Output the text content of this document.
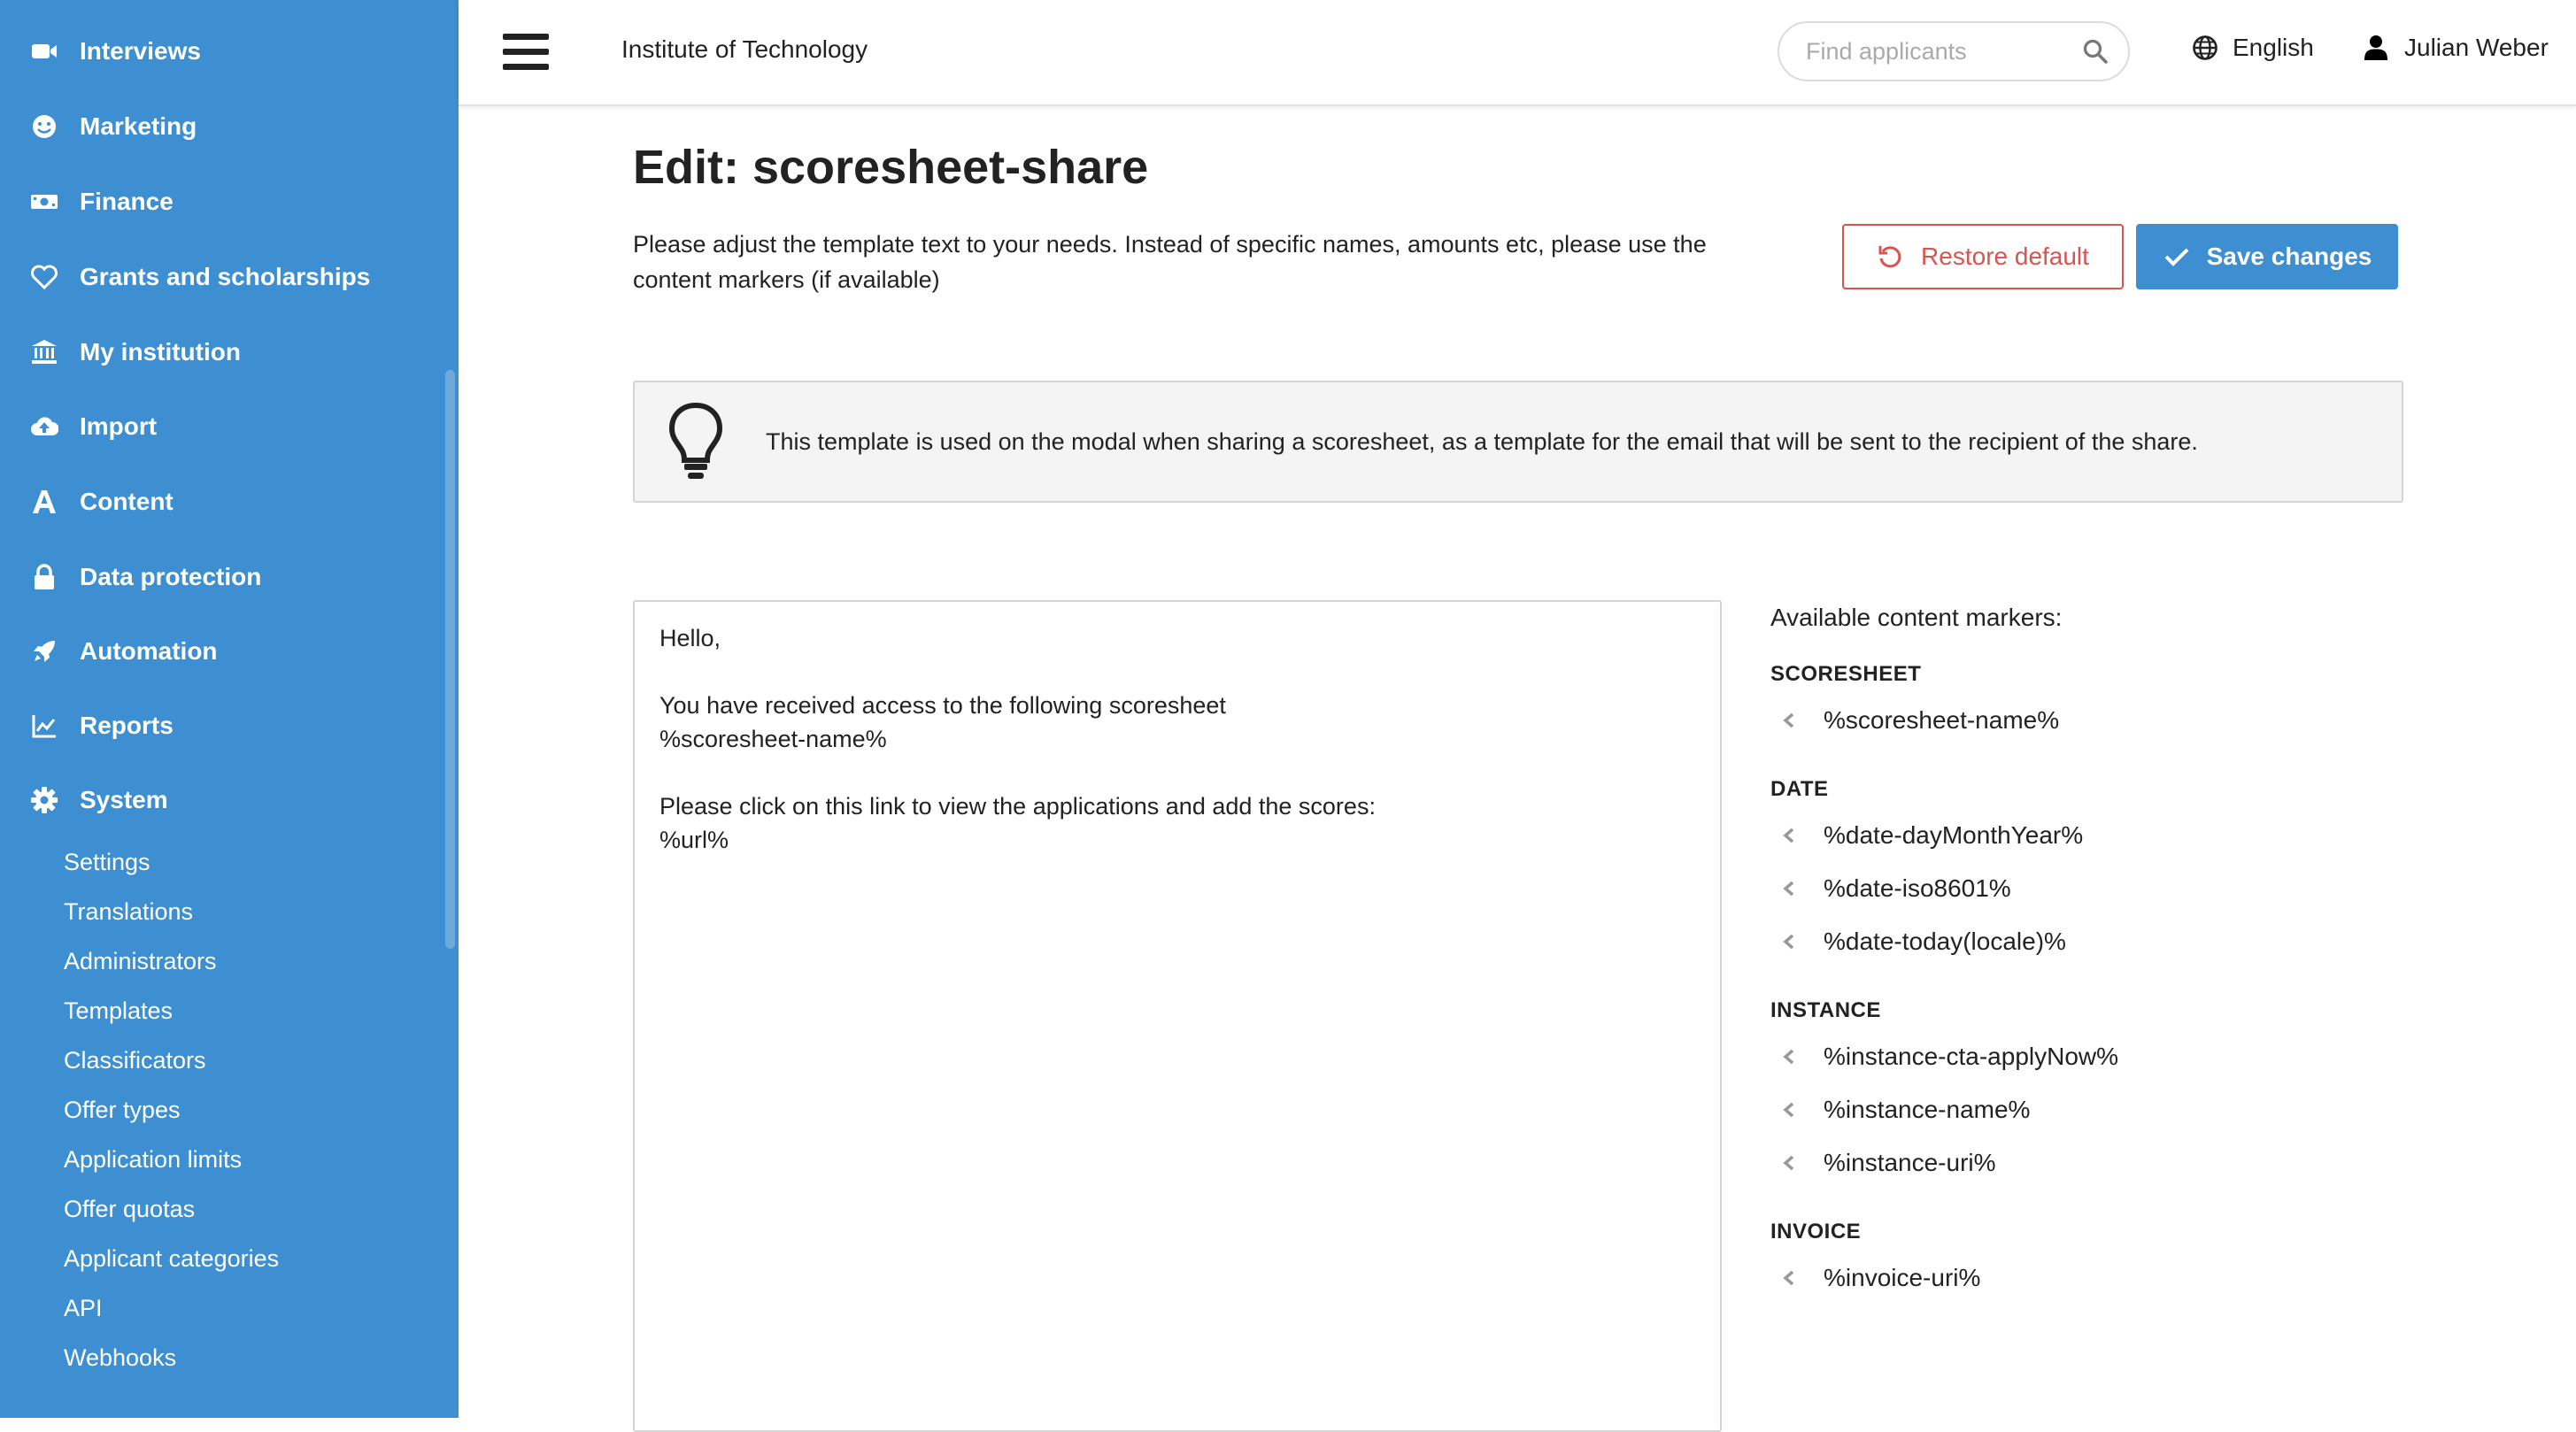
Interviews
Marketing
Finance
Grants and scholarships
My institution
Import
Content
Data protection
Automation
Reports
System
Settings
Translations
Administrators
Templates
Classificators
Offer types
Application limits
Offer quotas
Applicant categories
API
Webhooks
Institute of Technology
Find applicants	English	Julian Weber
Edit: scoresheet-share
Please adjust the template text to your needs. Instead of specific names, amounts etc, please use the content markers (if available)
Restore default	Save changes
This template is used on the modal when sharing a scoresheet, as a template for the email that will be sent to the recipient of the share.
Hello,

You have received access to the following scoresheet
%scoresheet-name%

Please click on this link to view the applications and add the scores:
%url%
Available content markers:
SCORESHEET
%scoresheet-name%
DATE
%date-dayMonthYear%
%date-iso8601%
%date-today(locale)%
INSTANCE
%instance-cta-applyNow%
%instance-name%
%instance-uri%
INVOICE
%invoice-uri%
